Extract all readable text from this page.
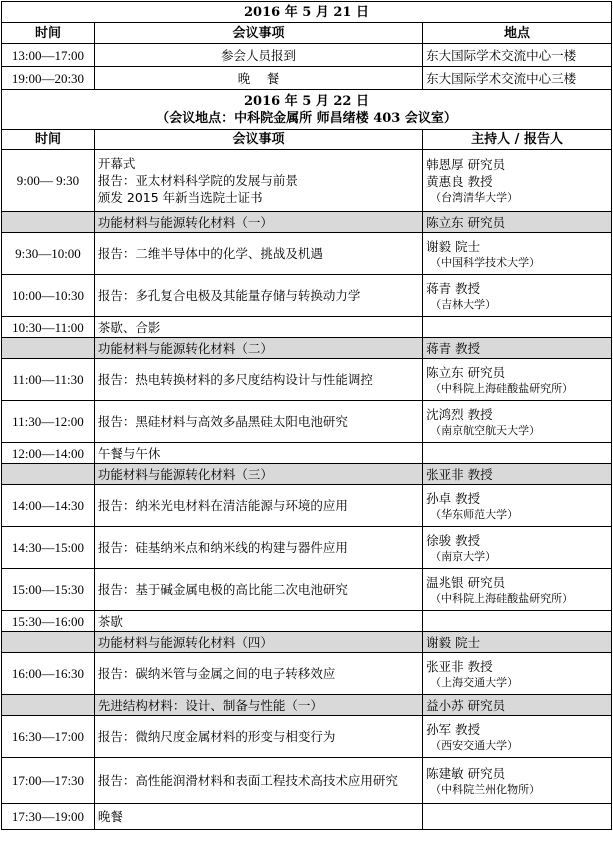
2016 年 5 月 21 日		
时间	会议事项	地点
13:00—17:00	参会人员报到	东大国际学术交流中心一楼
19:00—20:30	晚　 餐	东大国际学术交流中心三楼

2016 年 5 月 22 日
（会议地点：中科院金属所 师昌绪楼 403 会议室）		

时间	会议事项	主持人 / 报告人
9:00— 9:30	开幕式
报告：亚太材料科学院的发展与前景
颁发 2015 年新当选院士证书	韩恩厚 研究员
黄惠良 教授
（台湾清华大学）

	功能材料与能源转化材料（一）	陈立东 研究员
9:30—10:00	报告：二维半导体中的化学、挑战及机遇	谢毅 院士
（中国科学技术大学）

10:00—10:30	报告：多孔复合电极及其能量存储与转换动力学	蒋青 教授
（吉林大学）

10:30—11:00	茶歇、合影	
	功能材料与能源转化材料（二）	蒋青 教授
11:00—11:30	报告：热电转换材料的多尺度结构设计与性能调控	陈立东 研究员
（中科院上海硅酸盐研究所）

11:30—12:00	报告：黑硅材料与高效多晶黑硅太阳电池研究	沈鸿烈 教授
（南京航空航天大学）

12:00—14:00	午餐与午休	
	功能材料与能源转化材料（三）	张亚非 教授
14:00—14:30	报告：纳米光电材料在清洁能源与环境的应用	孙卓 教授
（华东师范大学）

14:30—15:00	报告：硅基纳米点和纳米线的构建与器件应用	徐骏 教授
（南京大学）

15:00—15:30	报告：基于碱金属电极的高比能二次电池研究	温兆银 研究员
（中科院上海硅酸盐研究所）

15:30—16:00	茶歇	
	功能材料与能源转化材料（四）	谢毅 院士
16:00—16:30	报告：碳纳米管与金属之间的电子转移效应	张亚非 教授
（上海交通大学）

	先进结构材料：设计、制备与性能（一）	益小苏 研究员
16:30—17:00	报告：微纳尺度金属材料的形变与相变行为	孙军 教授
（西安交通大学）

17:00—17:30	报告：高性能润滑材料和表面工程技术高技术应用研究	陈建敏 研究员
（中科院兰州化物所）

17:30—19:00	晚餐	
